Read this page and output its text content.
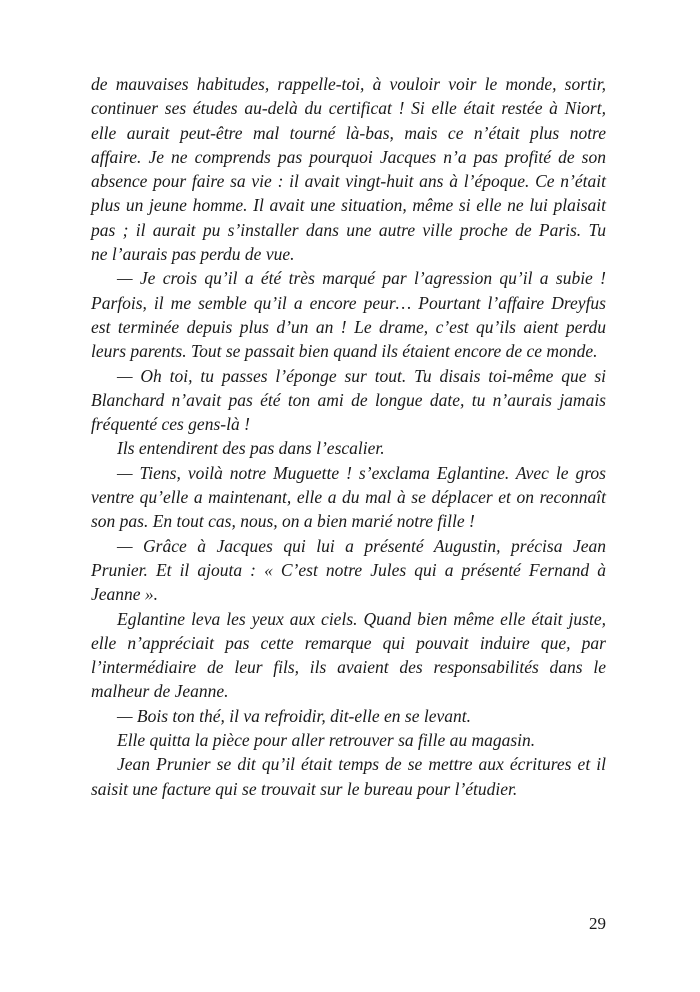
de mauvaises habitudes, rappelle-toi, à vouloir voir le monde, sortir,
continuer ses études au-delà du certificat ! Si elle était restée à Niort,
elle aurait peut-être mal tourné là-bas, mais ce n’était plus notre
affaire. Je ne comprends pas pourquoi Jacques n’a pas profité de son
absence pour faire sa vie : il avait vingt-huit ans à l’époque. Ce n’était
plus un jeune homme. Il avait une situation, même si elle ne lui plaisait
pas ; il aurait pu s’installer dans une autre ville proche de Paris. Tu
ne l’aurais pas perdu de vue.
— Je crois qu’il a été très marqué par l’agression qu’il a subie !
Parfois, il me semble qu’il a encore peur… Pourtant l’affaire Dreyfus
est terminée depuis plus d’un an ! Le drame, c’est qu’ils aient perdu
leurs parents. Tout se passait bien quand ils étaient encore de ce monde.
— Oh toi, tu passes l’éponge sur tout. Tu disais toi-même que si
Blanchard n’avait pas été ton ami de longue date, tu n’aurais jamais
fréquenté ces gens-là !
Ils entendirent des pas dans l’escalier.
— Tiens, voilà notre Muguette ! s’exclama Eglantine. Avec le gros
ventre qu’elle a maintenant, elle a du mal à se déplacer et on reconnaît
son pas. En tout cas, nous, on a bien marié notre fille !
— Grâce à Jacques qui lui a présenté Augustin, précisa Jean
Prunier. Et il ajouta : « C’est notre Jules qui a présenté Fernand à
Jeanne ».
Eglantine leva les yeux aux ciels. Quand bien même elle était juste,
elle n’appréciait pas cette remarque qui pouvait induire que, par
l’intermédiaire de leur fils, ils avaient des responsabilités dans le
malheur de Jeanne.
— Bois ton thé, il va refroidir, dit-elle en se levant.
Elle quitta la pièce pour aller retrouver sa fille au magasin.
Jean Prunier se dit qu’il était temps de se mettre aux écritures et il
saisit une facture qui se trouvait sur le bureau pour l’étudier.
29
